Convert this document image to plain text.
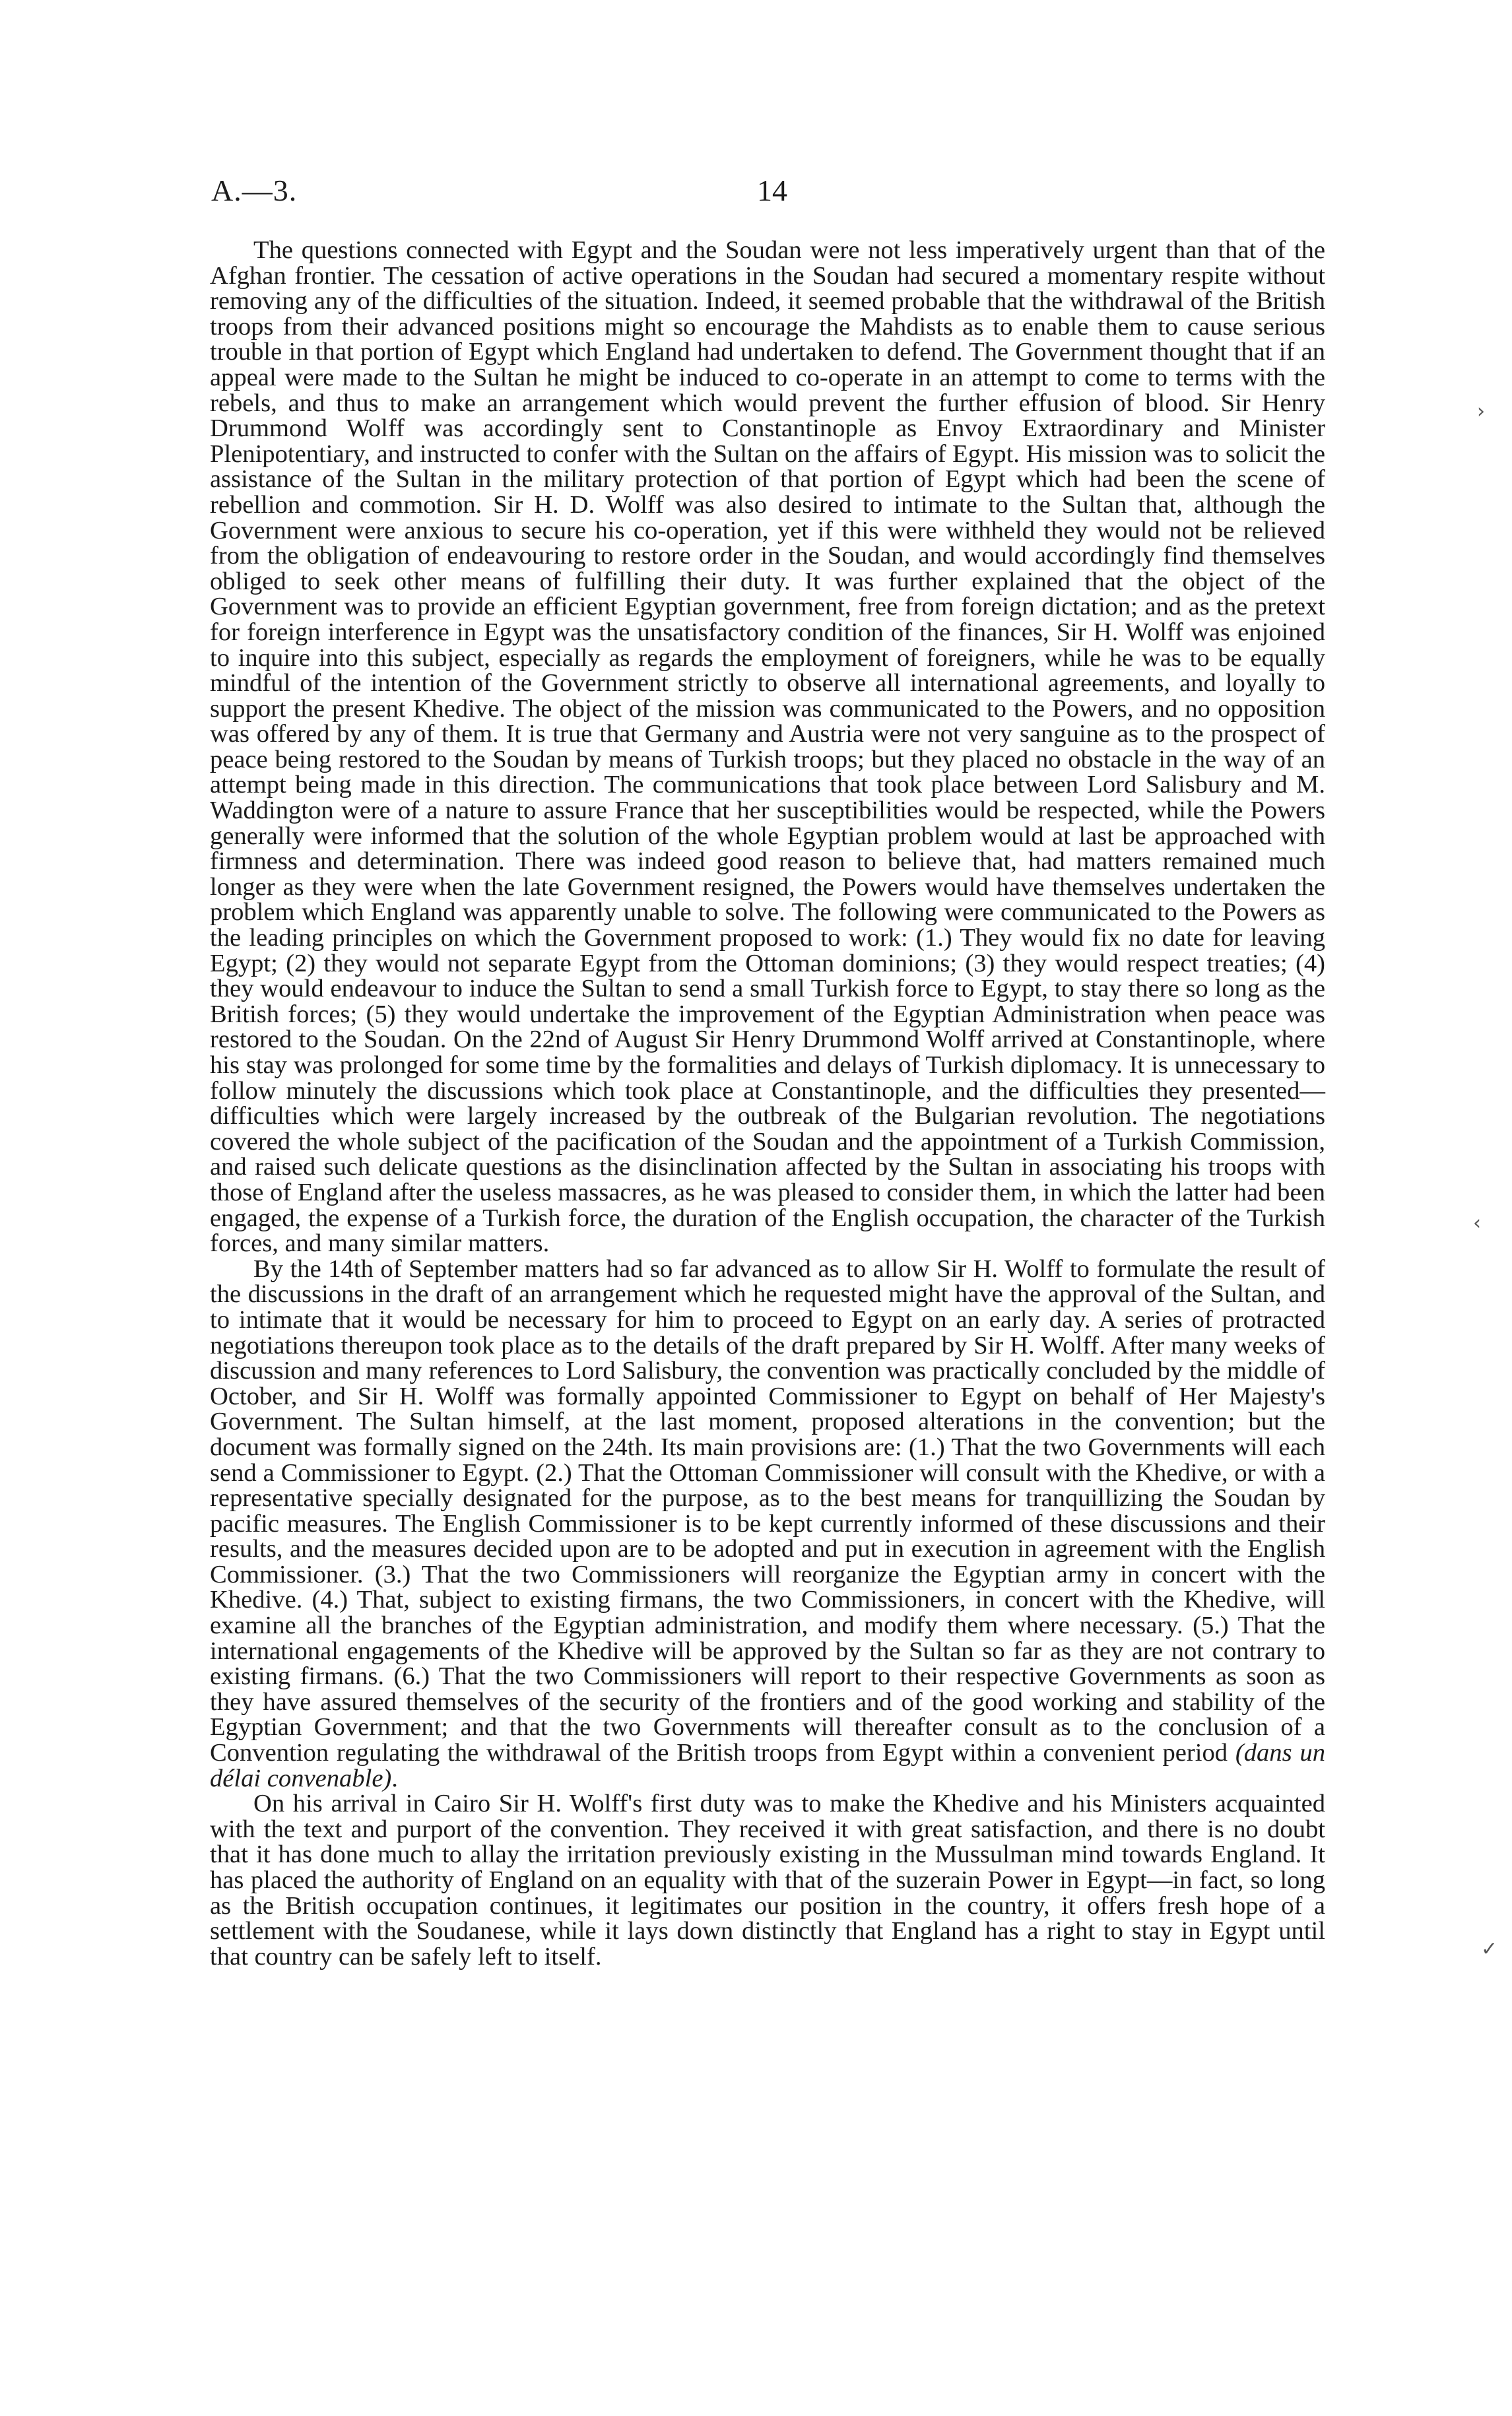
A.—3.	14

The questions connected with Egypt and the Soudan were not less imperatively urgent than that of the Afghan frontier. The cessation of active operations in the Soudan had secured a momentary respite without removing any of the difficulties of the situation. Indeed, it seemed probable that the withdrawal of the British troops from their advanced positions might so encourage the Mahdists as to enable them to cause serious trouble in that portion of Egypt which England had undertaken to defend. The Government thought that if an appeal were made to the Sultan he might be induced to co-operate in an attempt to come to terms with the rebels, and thus to make an arrangement which would prevent the further effusion of blood. Sir Henry Drummond Wolff was accordingly sent to Constantinople as Envoy Extraordinary and Minister Plenipotentiary, and instructed to confer with the Sultan on the affairs of Egypt. His mission was to solicit the assistance of the Sultan in the military protection of that portion of Egypt which had been the scene of rebellion and commotion. Sir H. D. Wolff was also desired to intimate to the Sultan that, although the Government were anxious to secure his co-operation, yet if this were withheld they would not be relieved from the obligation of endeavouring to restore order in the Soudan, and would accordingly find themselves obliged to seek other means of fulfilling their duty. It was further explained that the object of the Government was to provide an efficient Egyptian government, free from foreign dictation; and as the pretext for foreign interference in Egypt was the unsatisfactory condition of the finances, Sir H. Wolff was enjoined to inquire into this subject, especially as regards the employment of foreigners, while he was to be equally mindful of the intention of the Government strictly to observe all international agreements, and loyally to support the present Khedive. The object of the mission was communicated to the Powers, and no opposition was offered by any of them. It is true that Germany and Austria were not very sanguine as to the prospect of peace being restored to the Soudan by means of Turkish troops; but they placed no obstacle in the way of an attempt being made in this direction. The communications that took place between Lord Salisbury and M. Waddington were of a nature to assure France that her susceptibilities would be respected, while the Powers generally were informed that the solution of the whole Egyptian problem would at last be approached with firmness and determination. There was indeed good reason to believe that, had matters remained much longer as they were when the late Government resigned, the Powers would have themselves undertaken the problem which England was apparently unable to solve. The following were communicated to the Powers as the leading principles on which the Government proposed to work: (1.) They would fix no date for leaving Egypt; (2) they would not separate Egypt from the Ottoman dominions; (3) they would respect treaties; (4) they would endeavour to induce the Sultan to send a small Turkish force to Egypt, to stay there so long as the British forces; (5) they would undertake the improvement of the Egyptian Administration when peace was restored to the Soudan. On the 22nd of August Sir Henry Drummond Wolff arrived at Constantinople, where his stay was prolonged for some time by the formalities and delays of Turkish diplomacy. It is unnecessary to follow minutely the discussions which took place at Constantinople, and the difficulties they presented—difficulties which were largely increased by the outbreak of the Bulgarian revolution. The negotiations covered the whole subject of the pacification of the Soudan and the appointment of a Turkish Commission, and raised such delicate questions as the disinclination affected by the Sultan in associating his troops with those of England after the useless massacres, as he was pleased to consider them, in which the latter had been engaged, the expense of a Turkish force, the duration of the English occupation, the character of the Turkish forces, and many similar matters.

By the 14th of September matters had so far advanced as to allow Sir H. Wolff to formulate the result of the discussions in the draft of an arrangement which he requested might have the approval of the Sultan, and to intimate that it would be necessary for him to proceed to Egypt on an early day. A series of protracted negotiations thereupon took place as to the details of the draft prepared by Sir H. Wolff. After many weeks of discussion and many references to Lord Salisbury, the convention was practically concluded by the middle of October, and Sir H. Wolff was formally appointed Commissioner to Egypt on behalf of Her Majesty's Government. The Sultan himself, at the last moment, proposed alterations in the convention; but the document was formally signed on the 24th. Its main provisions are: (1.) That the two Governments will each send a Commissioner to Egypt. (2.) That the Ottoman Commissioner will consult with the Khedive, or with a representative specially designated for the purpose, as to the best means for tranquillizing the Soudan by pacific measures. The English Commissioner is to be kept currently informed of these discussions and their results, and the measures decided upon are to be adopted and put in execution in agreement with the English Commissioner. (3.) That the two Commissioners will reorganize the Egyptian army in concert with the Khedive. (4.) That, subject to existing firmans, the two Commissioners, in concert with the Khedive, will examine all the branches of the Egyptian administration, and modify them where necessary. (5.) That the international engagements of the Khedive will be approved by the Sultan so far as they are not contrary to existing firmans. (6.) That the two Commissioners will report to their respective Governments as soon as they have assured themselves of the security of the frontiers and of the good working and stability of the Egyptian Government; and that the two Governments will thereafter consult as to the conclusion of a Convention regulating the withdrawal of the British troops from Egypt within a convenient period (dans un délai convenable).

On his arrival in Cairo Sir H. Wolff's first duty was to make the Khedive and his Ministers acquainted with the text and purport of the convention. They received it with great satisfaction, and there is no doubt that it has done much to allay the irritation previously existing in the Mussulman mind towards England. It has placed the authority of England on an equality with that of the suzerain Power in Egypt—in fact, so long as the British occupation continues, it legitimates our position in the country, it offers fresh hope of a settlement with the Soudanese, while it lays down distinctly that England has a right to stay in Egypt until that country can be safely left to itself.

›
‹
✓
